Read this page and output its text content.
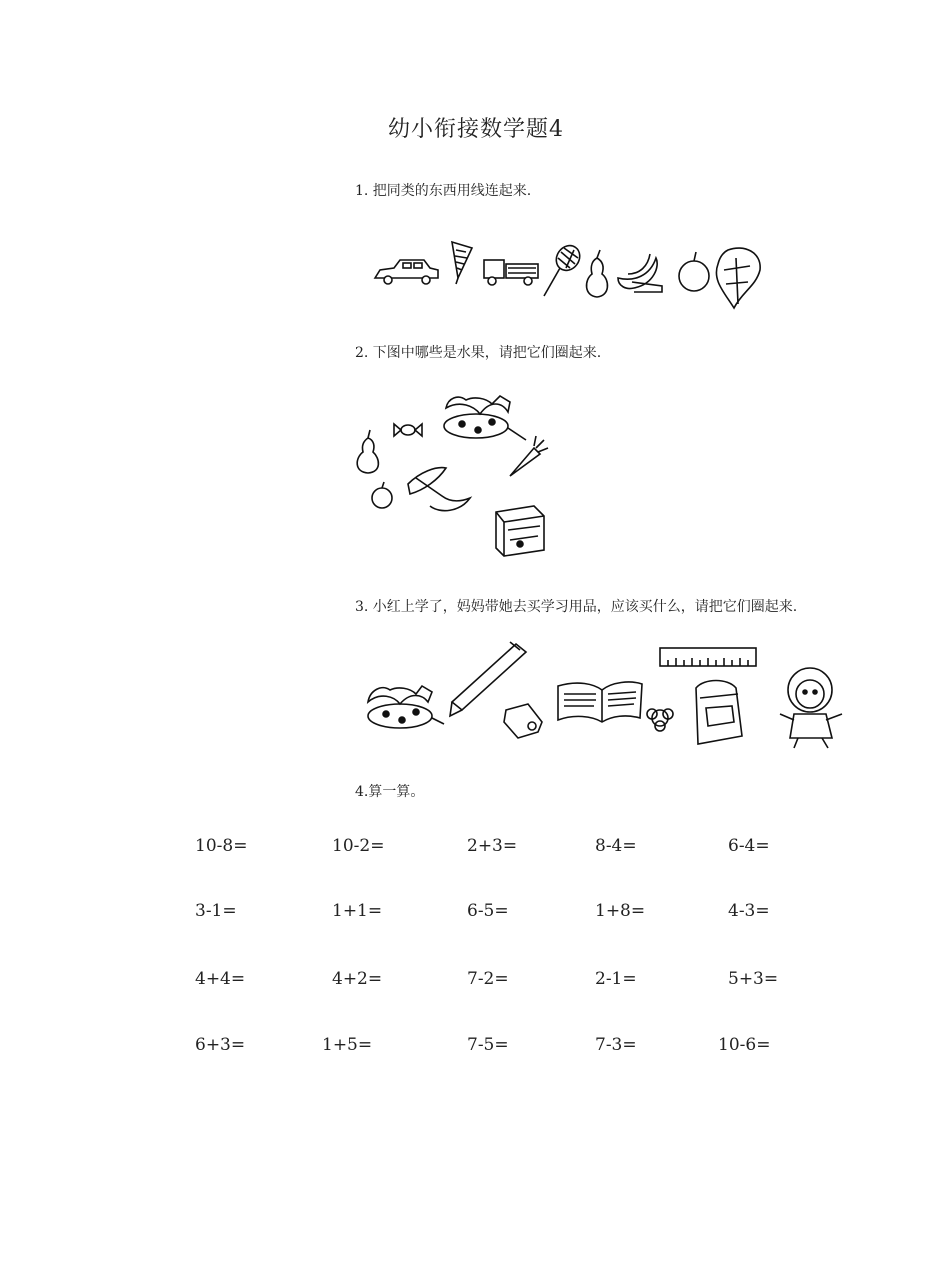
幼小衔接数学题4
1. 把同类的东西用线连起来.
2. 下图中哪些是水果，请把它们圈起来.
3. 小红上学了，妈妈带她去买学习用品，应该买什么，请把它们圈起来.
4.算一算。
10-8=	10-2=	2+3=	8-4=	6-4=
3-1=	1+1=	6-5=	1+8=	4-3=
4+4=	4+2=	7-2=	2-1=	5+3=
6+3=	1+5=	7-5=	7-3=	10-6=
